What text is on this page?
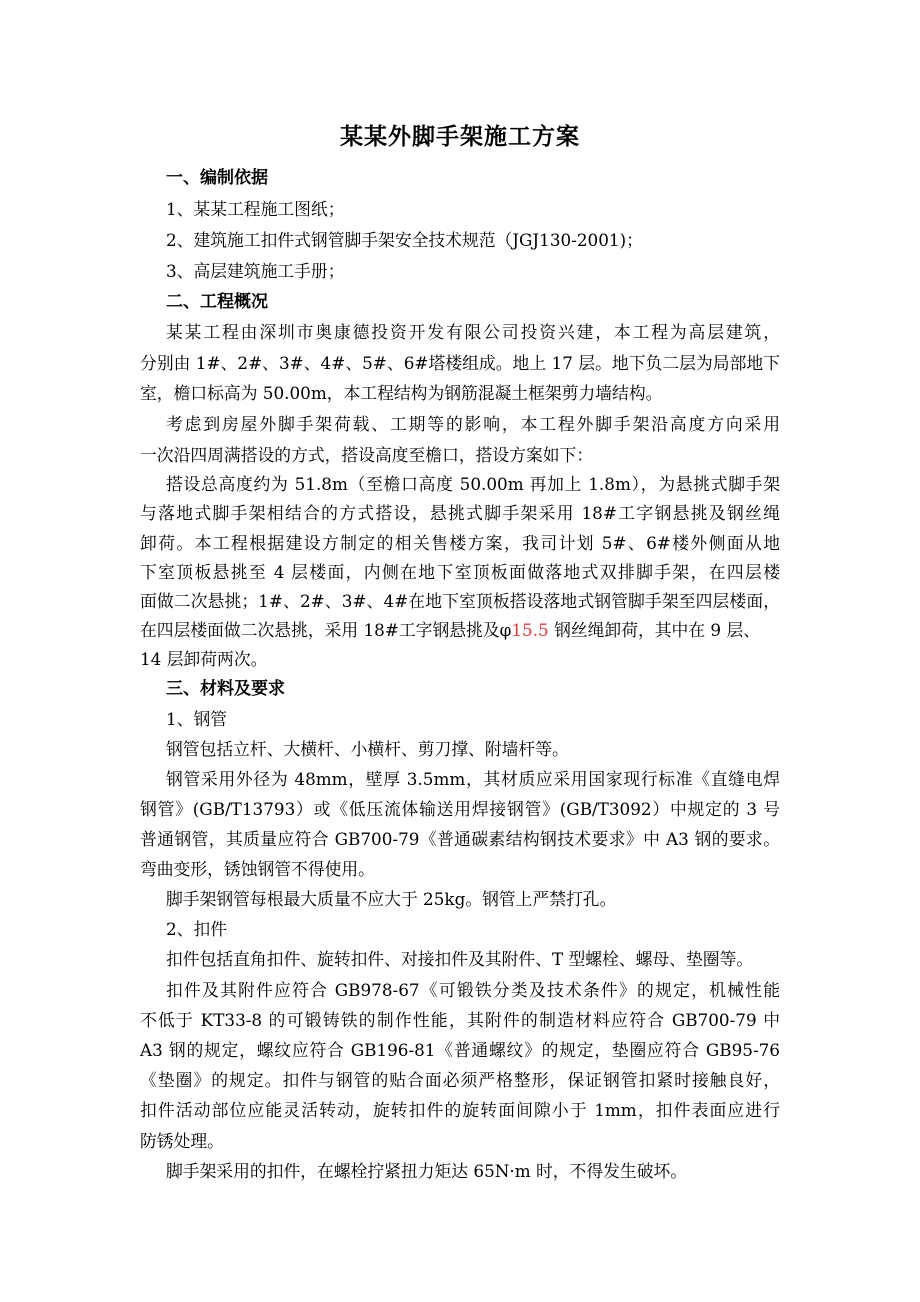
某某外脚手架施工方案
一、编制依据
1、某某工程施工图纸；
2、建筑施工扣件式钢管脚手架安全技术规范（JGJ130-2001)；
3、高层建筑施工手册；
二、工程概况
某某工程由深圳市奥康德投资开发有限公司投资兴建，本工程为高层建筑，
分别由 1#、2#、3#、4#、5#、6#塔楼组成。地上 17 层。地下负二层为局部地下
室，檐口标高为 50.00m，本工程结构为钢筋混凝土框架剪力墙结构。
考虑到房屋外脚手架荷载、工期等的影响，本工程外脚手架沿高度方向采用
一次沿四周满搭设的方式，搭设高度至檐口，搭设方案如下：
搭设总高度约为 51.8m（至檐口高度 50.00m 再加上 1.8m），为悬挑式脚手架
与落地式脚手架相结合的方式搭设，悬挑式脚手架采用 18#工字钢悬挑及钢丝绳
卸荷。本工程根据建设方制定的相关售楼方案，我司计划 5#、6#楼外侧面从地
下室顶板悬挑至 4 层楼面，内侧在地下室顶板面做落地式双排脚手架，在四层楼
面做二次悬挑；1#、2#、3#、4#在地下室顶板搭设落地式钢管脚手架至四层楼面，
在四层楼面做二次悬挑，采用 18#工字钢悬挑及φ15.5 钢丝绳卸荷，其中在 9 层、
14 层卸荷两次。
三、材料及要求
1、钢管
钢管包括立杆、大横杆、小横杆、剪刀撑、附墙杆等。
钢管采用外径为 48mm，壁厚 3.5mm，其材质应采用国家现行标准《直缝电焊
钢管》(GB/T13793）或《低压流体输送用焊接钢管》(GB/T3092）中规定的 3 号
普通钢管，其质量应符合 GB700-79《普通碳素结构钢技术要求》中 A3 钢的要求。
弯曲变形，锈蚀钢管不得使用。
脚手架钢管每根最大质量不应大于 25kg。钢管上严禁打孔。
2、扣件
扣件包括直角扣件、旋转扣件、对接扣件及其附件、T 型螺栓、螺母、垫圈等。
扣件及其附件应符合 GB978-67《可锻铁分类及技术条件》的规定，机械性能
不低于 KT33-8 的可锻铸铁的制作性能，其附件的制造材料应符合 GB700-79 中
A3 钢的规定，螺纹应符合 GB196-81《普通螺纹》的规定，垫圈应符合 GB95-76
《垫圈》的规定。扣件与钢管的贴合面必须严格整形，保证钢管扣紧时接触良好，
扣件活动部位应能灵活转动，旋转扣件的旋转面间隙小于 1mm，扣件表面应进行
防锈处理。
脚手架采用的扣件，在螺栓拧紧扭力矩达 65N·m 时，不得发生破坏。
